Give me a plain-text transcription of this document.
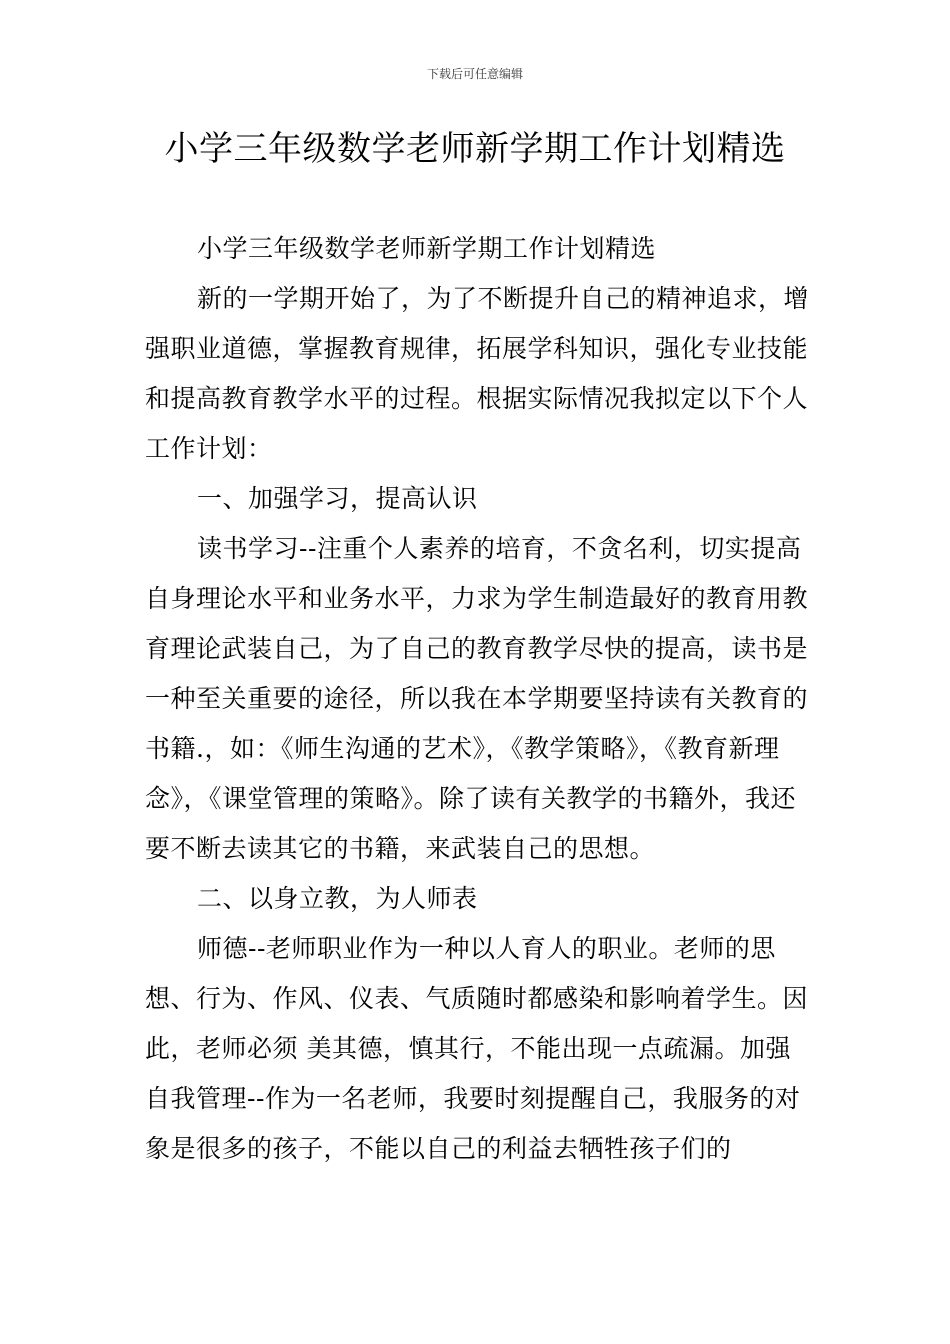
下载后可任意编辑
小学三年级数学老师新学期工作计划精选

小学三年级数学老师新学期工作计划精选

新的一学期开始了，为了不断提升自己的精神追求，增强职业道德，掌握教育规律，拓展学科知识，强化专业技能和提高教育教学水平的过程。根据实际情况我拟定以下个人工作计划：

一、加强学习，提高认识

读书学习--注重个人素养的培育，不贪名利，切实提高自身理论水平和业务水平，力求为学生制造最好的教育用教育理论武装自己，为了自己的教育教学尽快的提高，读书是一种至关重要的途径，所以我在本学期要坚持读有关教育的书籍.，如：《师生沟通的艺术》，《教学策略》，《教育新理念》，《课堂管理的策略》。除了读有关教学的书籍外，我还要不断去读其它的书籍，来武装自己的思想。

二、以身立教，为人师表

师德--老师职业作为一种以人育人的职业。老师的思想、行为、作风、仪表、气质随时都感染和影响着学生。因此，老师必须 美其德，慎其行，不能出现一点疏漏。加强自我管理--作为一名老师，我要时刻提醒自己，我服务的对象是很多的孩子，不能以自己的利益去牺牲孩子们的
